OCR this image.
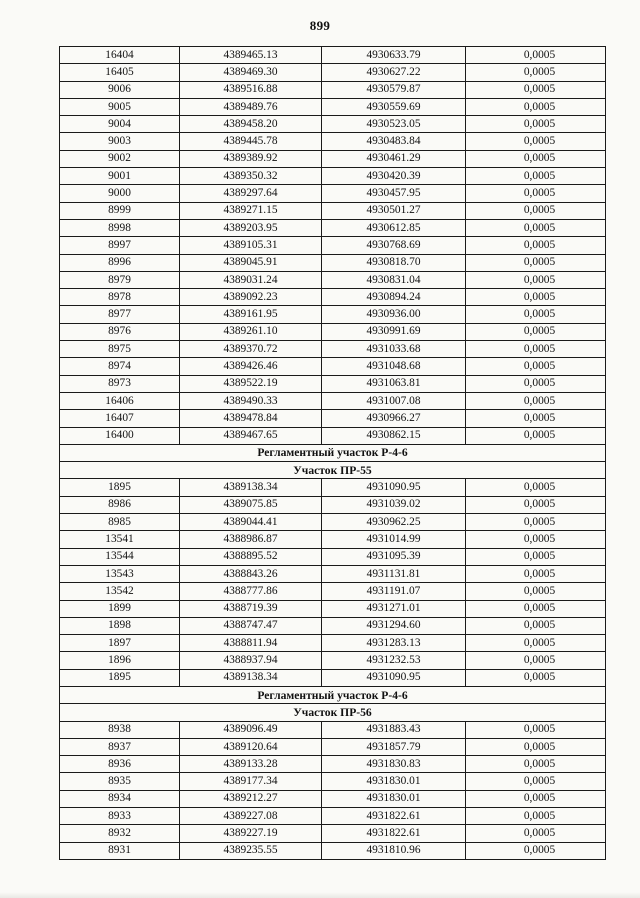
899
16404	4389465.13	4930633.79	0,0005
16405	4389469.30	4930627.22	0,0005
9006	4389516.88	4930579.87	0,0005
9005	4389489.76	4930559.69	0,0005
9004	4389458.20	4930523.05	0,0005
9003	4389445.78	4930483.84	0,0005
9002	4389389.92	4930461.29	0,0005
9001	4389350.32	4930420.39	0,0005
9000	4389297.64	4930457.95	0,0005
8999	4389271.15	4930501.27	0,0005
8998	4389203.95	4930612.85	0,0005
8997	4389105.31	4930768.69	0,0005
8996	4389045.91	4930818.70	0,0005
8979	4389031.24	4930831.04	0,0005
8978	4389092.23	4930894.24	0,0005
8977	4389161.95	4930936.00	0,0005
8976	4389261.10	4930991.69	0,0005
8975	4389370.72	4931033.68	0,0005
8974	4389426.46	4931048.68	0,0005
8973	4389522.19	4931063.81	0,0005
16406	4389490.33	4931007.08	0,0005
16407	4389478.84	4930966.27	0,0005
16400	4389467.65	4930862.15	0,0005
Регламентный участок Р-4-6			
Участок ПР-55			
1895	4389138.34	4931090.95	0,0005
8986	4389075.85	4931039.02	0,0005
8985	4389044.41	4930962.25	0,0005
13541	4388986.87	4931014.99	0,0005
13544	4388895.52	4931095.39	0,0005
13543	4388843.26	4931131.81	0,0005
13542	4388777.86	4931191.07	0,0005
1899	4388719.39	4931271.01	0,0005
1898	4388747.47	4931294.60	0,0005
1897	4388811.94	4931283.13	0,0005
1896	4388937.94	4931232.53	0,0005
1895	4389138.34	4931090.95	0,0005
Регламентный участок Р-4-6			
Участок ПР-56			
8938	4389096.49	4931883.43	0,0005
8937	4389120.64	4931857.79	0,0005
8936	4389133.28	4931830.83	0,0005
8935	4389177.34	4931830.01	0,0005
8934	4389212.27	4931830.01	0,0005
8933	4389227.08	4931822.61	0,0005
8932	4389227.19	4931822.61	0,0005
8931	4389235.55	4931810.96	0,0005
